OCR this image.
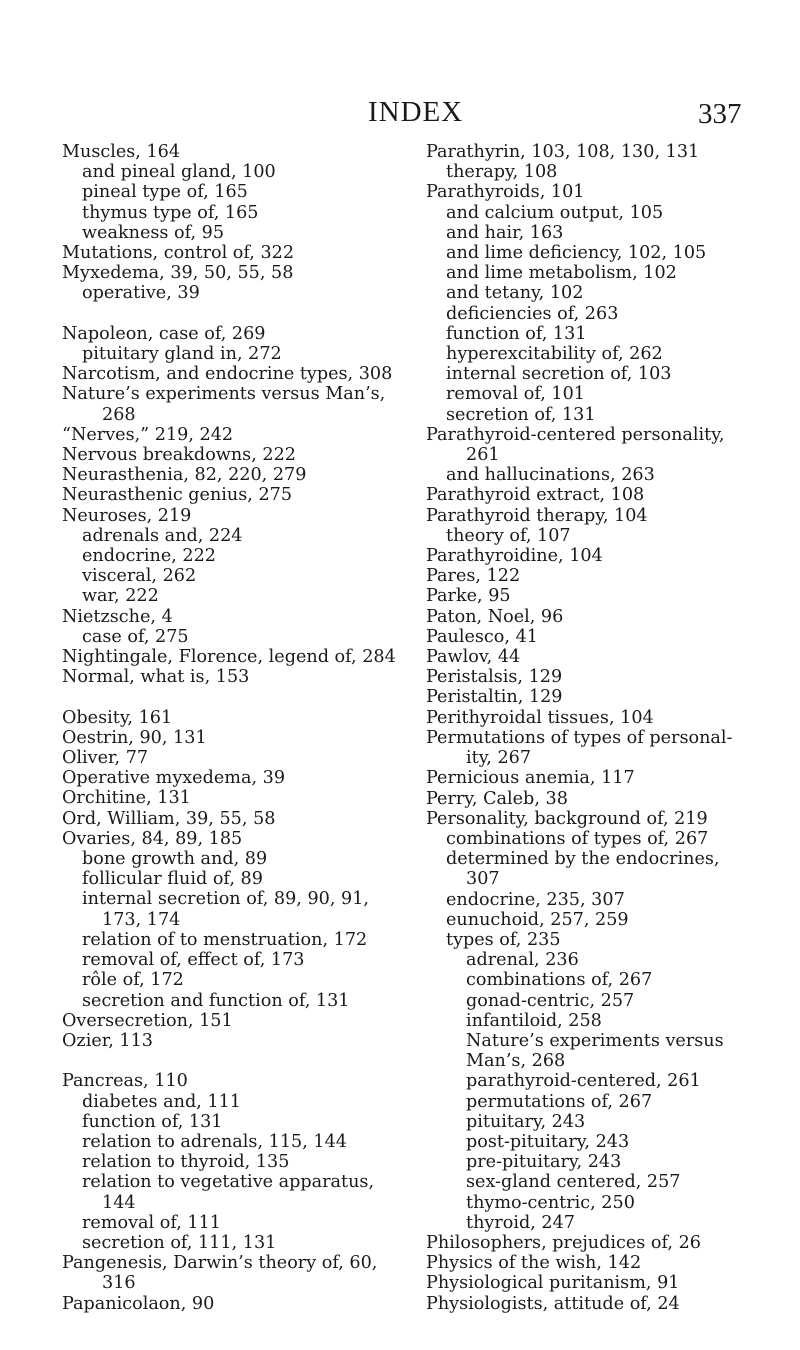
INDEX	337
Muscles, 164
and pineal gland, 100
pineal type of, 165
thymus type of, 165
weakness of, 95
Mutations, control of, 322
Myxedema, 39, 50, 55, 58
operative, 39
Napoleon, case of, 269
pituitary gland in, 272
Narcotism, and endocrine types, 308
Nature’s experiments versus Man’s,
268
“Nerves,” 219, 242
Nervous breakdowns, 222
Neurasthenia, 82, 220, 279
Neurasthenic genius, 275
Neuroses, 219
adrenals and, 224
endocrine, 222
visceral, 262
war, 222
Nietzsche, 4
case of, 275
Nightingale, Florence, legend of, 284
Normal, what is, 153
Obesity, 161
Oestrin, 90, 131
Oliver, 77
Operative myxedema, 39
Orchitine, 131
Ord, William, 39, 55, 58
Ovaries, 84, 89, 185
bone growth and, 89
follicular fluid of, 89
internal secretion of, 89, 90, 91,
173, 174
relation of to menstruation, 172
removal of, effect of, 173
rôle of, 172
secretion and function of, 131
Oversecretion, 151
Ozier, 113
Pancreas, 110
diabetes and, 111
function of, 131
relation to adrenals, 115, 144
relation to thyroid, 135
relation to vegetative apparatus,
144
removal of, 111
secretion of, 111, 131
Pangenesis, Darwin’s theory of, 60,
316
Papanicolaon, 90
Parathyrin, 103, 108, 130, 131
therapy, 108
Parathyroids, 101
and calcium output, 105
and hair, 163
and lime deficiency, 102, 105
and lime metabolism, 102
and tetany, 102
deficiencies of, 263
function of, 131
hyperexcitability of, 262
internal secretion of, 103
removal of, 101
secretion of, 131
Parathyroid-centered personality,
261
and hallucinations, 263
Parathyroid extract, 108
Parathyroid therapy, 104
theory of, 107
Parathyroidine, 104
Pares, 122
Parke, 95
Paton, Noel, 96
Paulesco, 41
Pawlov, 44
Peristalsis, 129
Peristaltin, 129
Perithyroidal tissues, 104
Permutations of types of personal-
ity, 267
Pernicious anemia, 117
Perry, Caleb, 38
Personality, background of, 219
combinations of types of, 267
determined by the endocrines,
307
endocrine, 235, 307
eunuchoid, 257, 259
types of, 235
adrenal, 236
combinations of, 267
gonad-centric, 257
infantiloid, 258
Nature’s experiments versus
Man’s, 268
parathyroid-centered, 261
permutations of, 267
pituitary, 243
post-pituitary, 243
pre-pituitary, 243
sex-gland centered, 257
thymo-centric, 250
thyroid, 247
Philosophers, prejudices of, 26
Physics of the wish, 142
Physiological puritanism, 91
Physiologists, attitude of, 24
